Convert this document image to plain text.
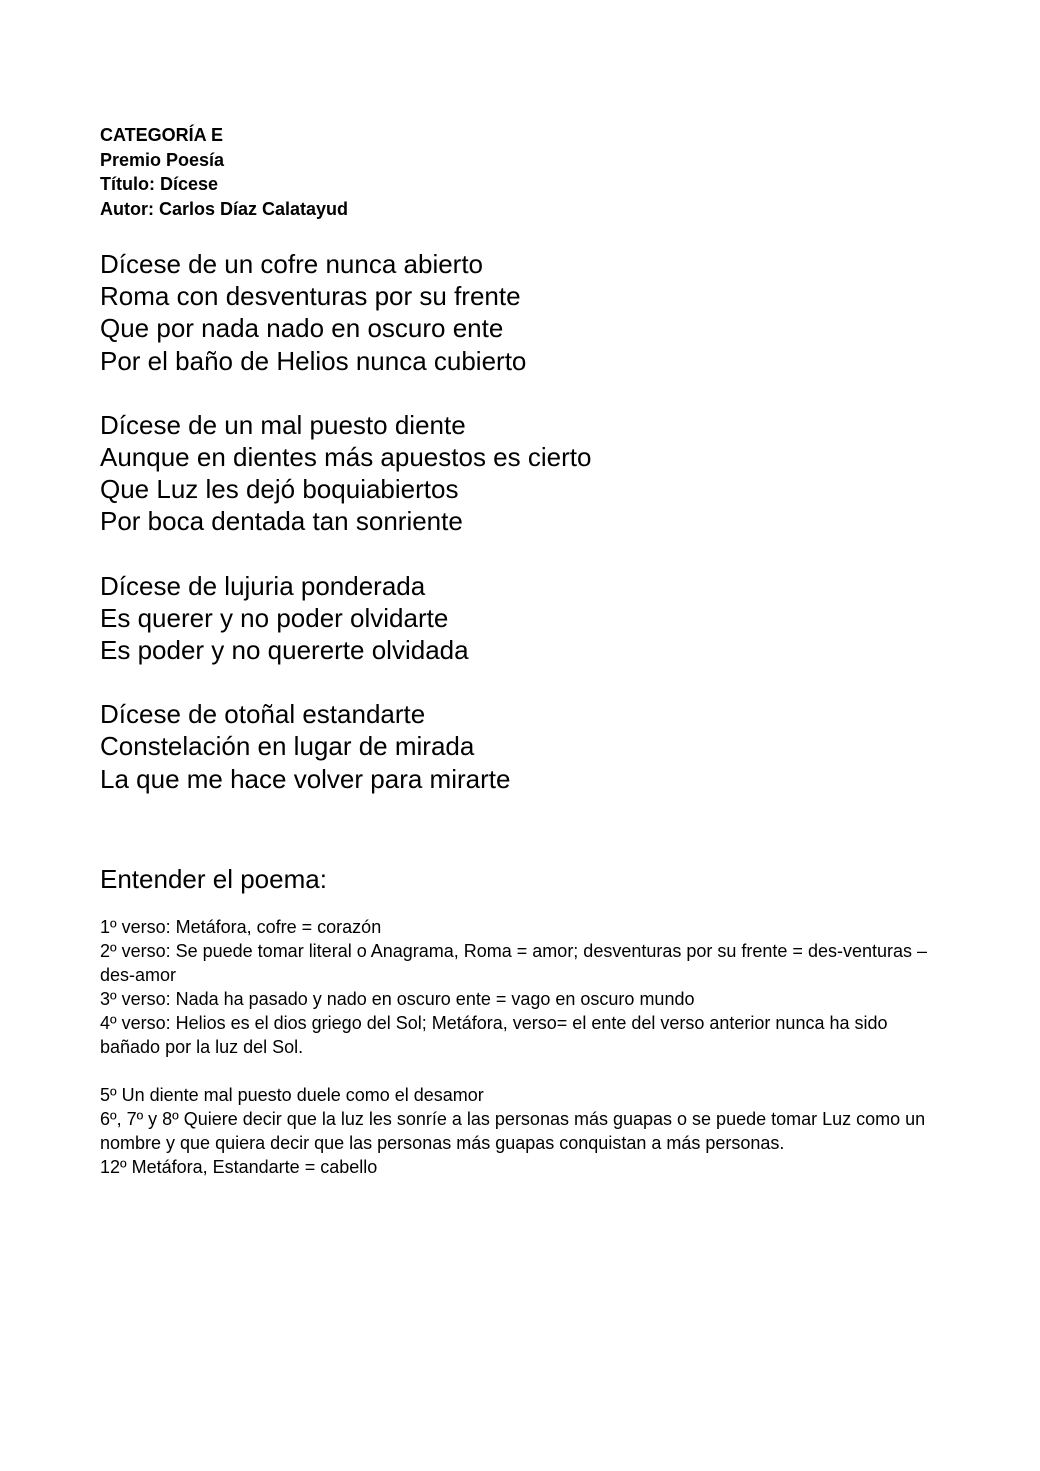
CATEGORÍA E

Premio Poesía

Título: Dícese

Autor: Carlos Díaz Calatayud

Dícese de un cofre nunca abierto

Roma con desventuras por su frente

Que por nada nado en oscuro ente

Por el baño de Helios nunca cubierto

Dícese de un mal puesto diente

Aunque en dientes más apuestos es cierto

Que Luz les dejó boquiabiertos

Por boca dentada tan sonriente

Dícese de lujuria ponderada

Es querer y no poder olvidarte

Es poder y no quererte olvidada

Dícese de otoñal estandarte

Constelación en lugar de mirada

La que me hace volver para mirarte

Entender el poema:

1º verso: Metáfora, cofre = corazón

2º verso: Se puede tomar literal o Anagrama, Roma = amor; desventuras por su frente = des-venturas – des-amor

3º verso: Nada ha pasado y nado en oscuro ente = vago en oscuro mundo

4º verso: Helios es el dios griego del Sol; Metáfora, verso= el ente del verso anterior nunca ha sido bañado por la luz del Sol.

5º Un diente mal puesto duele como el desamor

6º, 7º y 8º Quiere decir que la luz les sonríe a las personas más guapas o se puede tomar Luz como un nombre y que quiera decir que las personas más guapas conquistan a más personas.

12º Metáfora, Estandarte = cabello
